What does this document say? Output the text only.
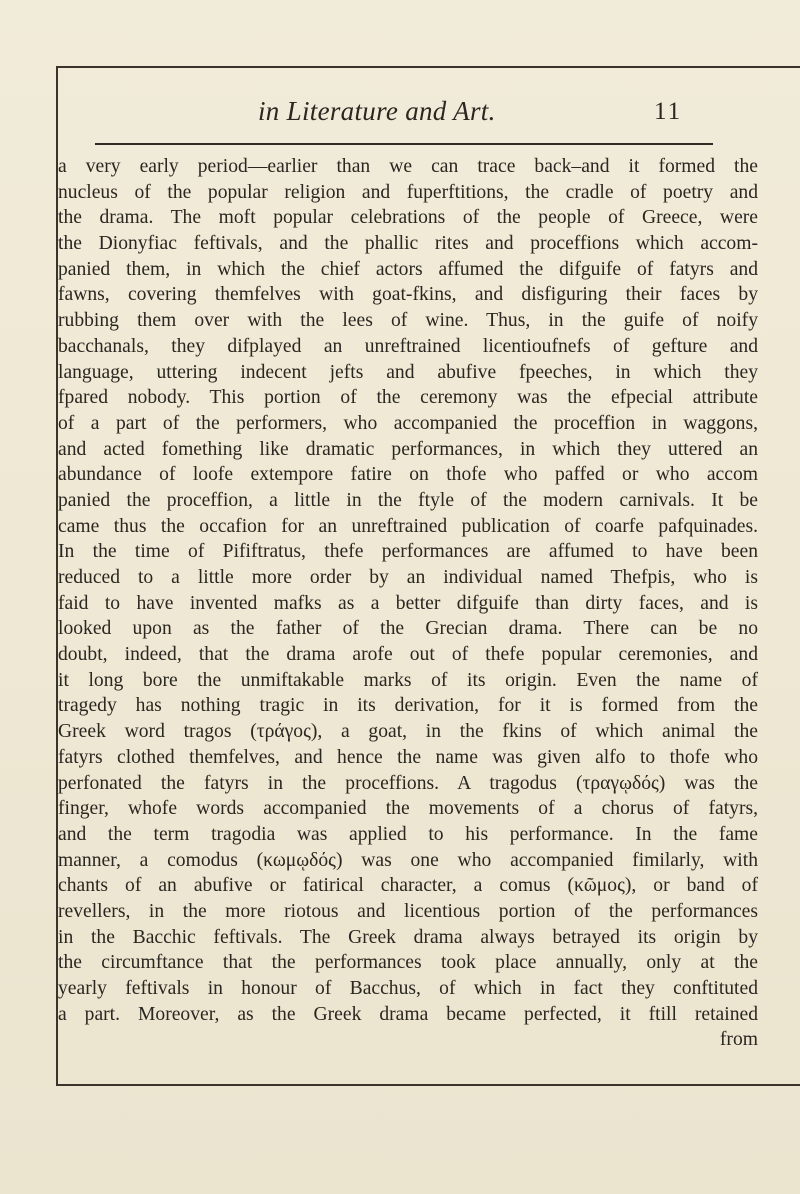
in Literature and Art.	11
a very early period—earlier than we can trace back–and it formed the
nucleus of the popular religion and fuperftitions, the cradle of poetry and
the drama. The moft popular celebrations of the people of Greece, were
the Dionyfiac feftivals, and the phallic rites and proceffions which accom-
panied them, in which the chief actors affumed the difguife of fatyrs and
fawns, covering themfelves with goat-fkins, and disfiguring their faces by
rubbing them over with the lees of wine. Thus, in the guife of noify
bacchanals, they difplayed an unreftrained licentioufnefs of gefture and
language, uttering indecent jefts and abufive fpeeches, in which they
fpared nobody. This portion of the ceremony was the efpecial attribute
of a part of the performers, who accompanied the proceffion in waggons,
and acted fomething like dramatic performances, in which they uttered an
abundance of loofe extempore fatire on thofe who paffed or who accom
panied the proceffion, a little in the ftyle of the modern carnivals. It be
came thus the occafion for an unreftrained publication of coarfe pafquinades.
In the time of Pififtratus, thefe performances are affumed to have been
reduced to a little more order by an individual named Thefpis, who is
faid to have invented mafks as a better difguife than dirty faces, and is
looked upon as the father of the Grecian drama. There can be no
doubt, indeed, that the drama arofe out of thefe popular ceremonies, and
it long bore the unmiftakable marks of its origin. Even the name of
tragedy has nothing tragic in its derivation, for it is formed from the
Greek word tragos (τράγος), a goat, in the fkins of which animal the
fatyrs clothed themfelves, and hence the name was given alfo to thofe who
perfonated the fatyrs in the proceffions. A tragodus (τραγῳδός) was the
finger, whofe words accompanied the movements of a chorus of fatyrs,
and the term tragodia was applied to his performance. In the fame
manner, a comodus (κωμῳδός) was one who accompanied fimilarly, with
chants of an abufive or fatirical character, a comus (κῶμος), or band of
revellers, in the more riotous and licentious portion of the performances
in the Bacchic feftivals. The Greek drama always betrayed its origin by
the circumftance that the performances took place annually, only at the
yearly feftivals in honour of Bacchus, of which in fact they conftituted
a part. Moreover, as the Greek drama became perfected, it ftill retained
from
